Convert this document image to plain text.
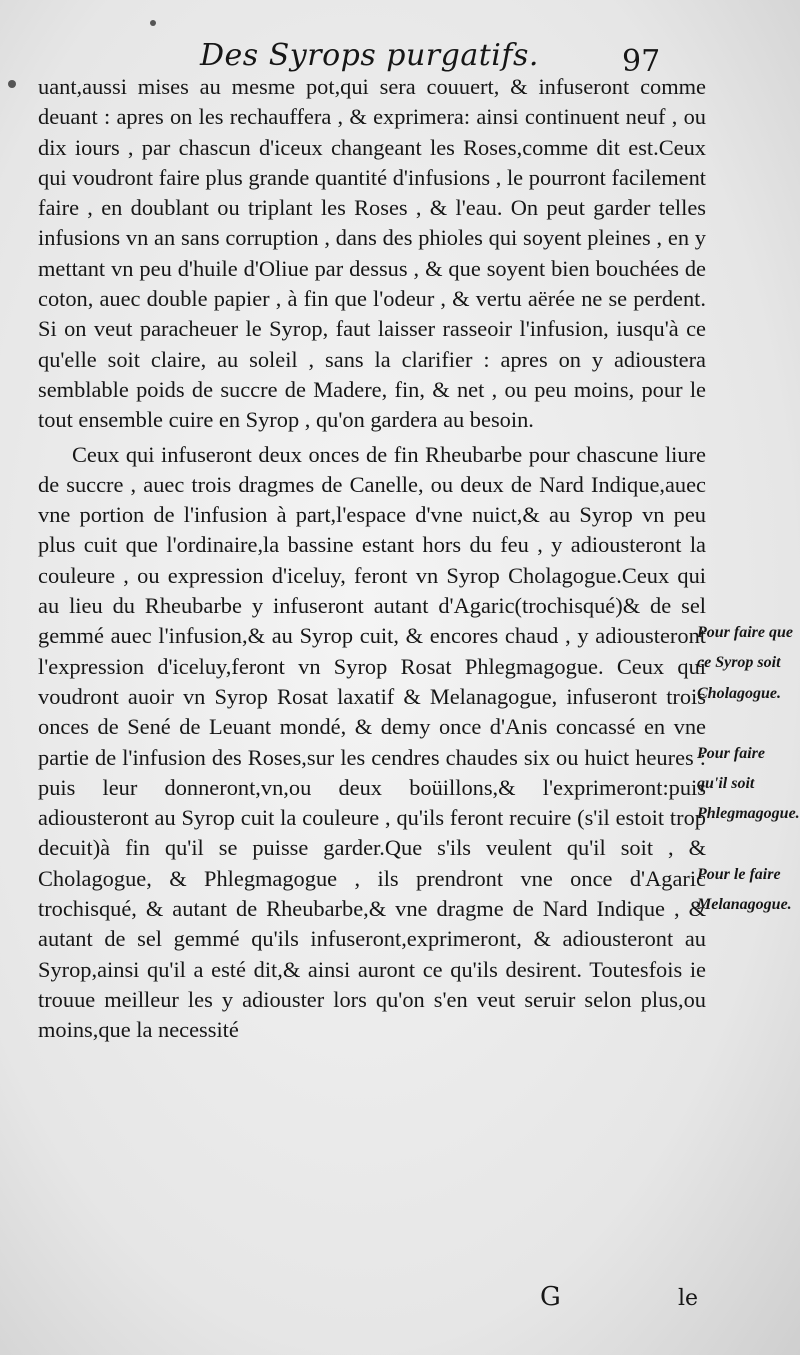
Des Syrops purgatifs.	97

uant,aussi mises au mesme pot,qui sera couuert, & infuseront comme deuant : apres on les rechauffera , & exprimera: ainsi continuent neuf , ou dix iours , par chascun d'iceux changeant les Roses,comme dit est.Ceux qui voudront faire plus grande quantité d'infusions , le pourront facilement faire , en doublant ou triplant les Roses , & l'eau. On peut garder telles infusions vn an sans corruption , dans des phioles qui soyent pleines , en y mettant vn peu d'huile d'Oliue par dessus , & que soyent bien bouchées de coton, auec double papier , à fin que l'odeur , & vertu aërée ne se perdent. Si on veut paracheuer le Syrop, faut laisser rasseoir l'infusion, iusqu'à ce qu'elle soit claire, au soleil , sans la clarifier : apres on y adioustera semblable poids de succre de Madere, fin, & net , ou peu moins, pour le tout ensemble cuire en Syrop , qu'on gardera au besoin.

Ceux qui infuseront deux onces de fin Rheubarbe pour chascune liure de succre , auec trois dragmes de Canelle, ou deux de Nard Indique,auec vne portion de l'infusion à part,l'espace d'vne nuict,& au Syrop vn peu plus cuit que l'ordinaire,la bassine estant hors du feu , y adiousteront la couleure , ou expression d'iceluy, feront vn Syrop Cholagogue.Ceux qui au lieu du Rheubarbe y infuseront autant d'Agaric(trochisqué)& de sel gemmé auec l'infusion,& au Syrop cuit, & encores chaud , y adiousteront l'expression d'iceluy,feront vn Syrop Rosat Phlegmagogue. Ceux qui voudront auoir vn Syrop Rosat laxatif & Melanagogue, infuseront trois onces de Sené de Leuant mondé, & demy once d'Anis concassé en vne partie de l'infusion des Roses,sur les cendres chaudes six ou huict heures : puis leur donneront,vn,ou deux boüillons,& l'exprimeront:puis adiousteront au Syrop cuit la couleure , qu'ils feront recuire (s'il estoit trop decuit)à fin qu'il se puisse garder.Que s'ils veulent qu'il soit , & Cholagogue, & Phlegmagogue , ils prendront vne once d'Agaric trochisqué, & autant de Rheubarbe,& vne dragme de Nard Indique , & autant de sel gemmé qu'ils infuseront,exprimeront, & adiousteront au Syrop,ainsi qu'il a esté dit,& ainsi auront ce qu'ils desirent. Toutesfois ie trouue meilleur les y adiouster lors qu'on s'en veut seruir selon plus,ou moins,que la necessité

Pour faire que ce Syrop soit Cholagogue.

Pour faire qu'il soit Phlegmagogue.

Pour le faire Melanagogue.

G	le
